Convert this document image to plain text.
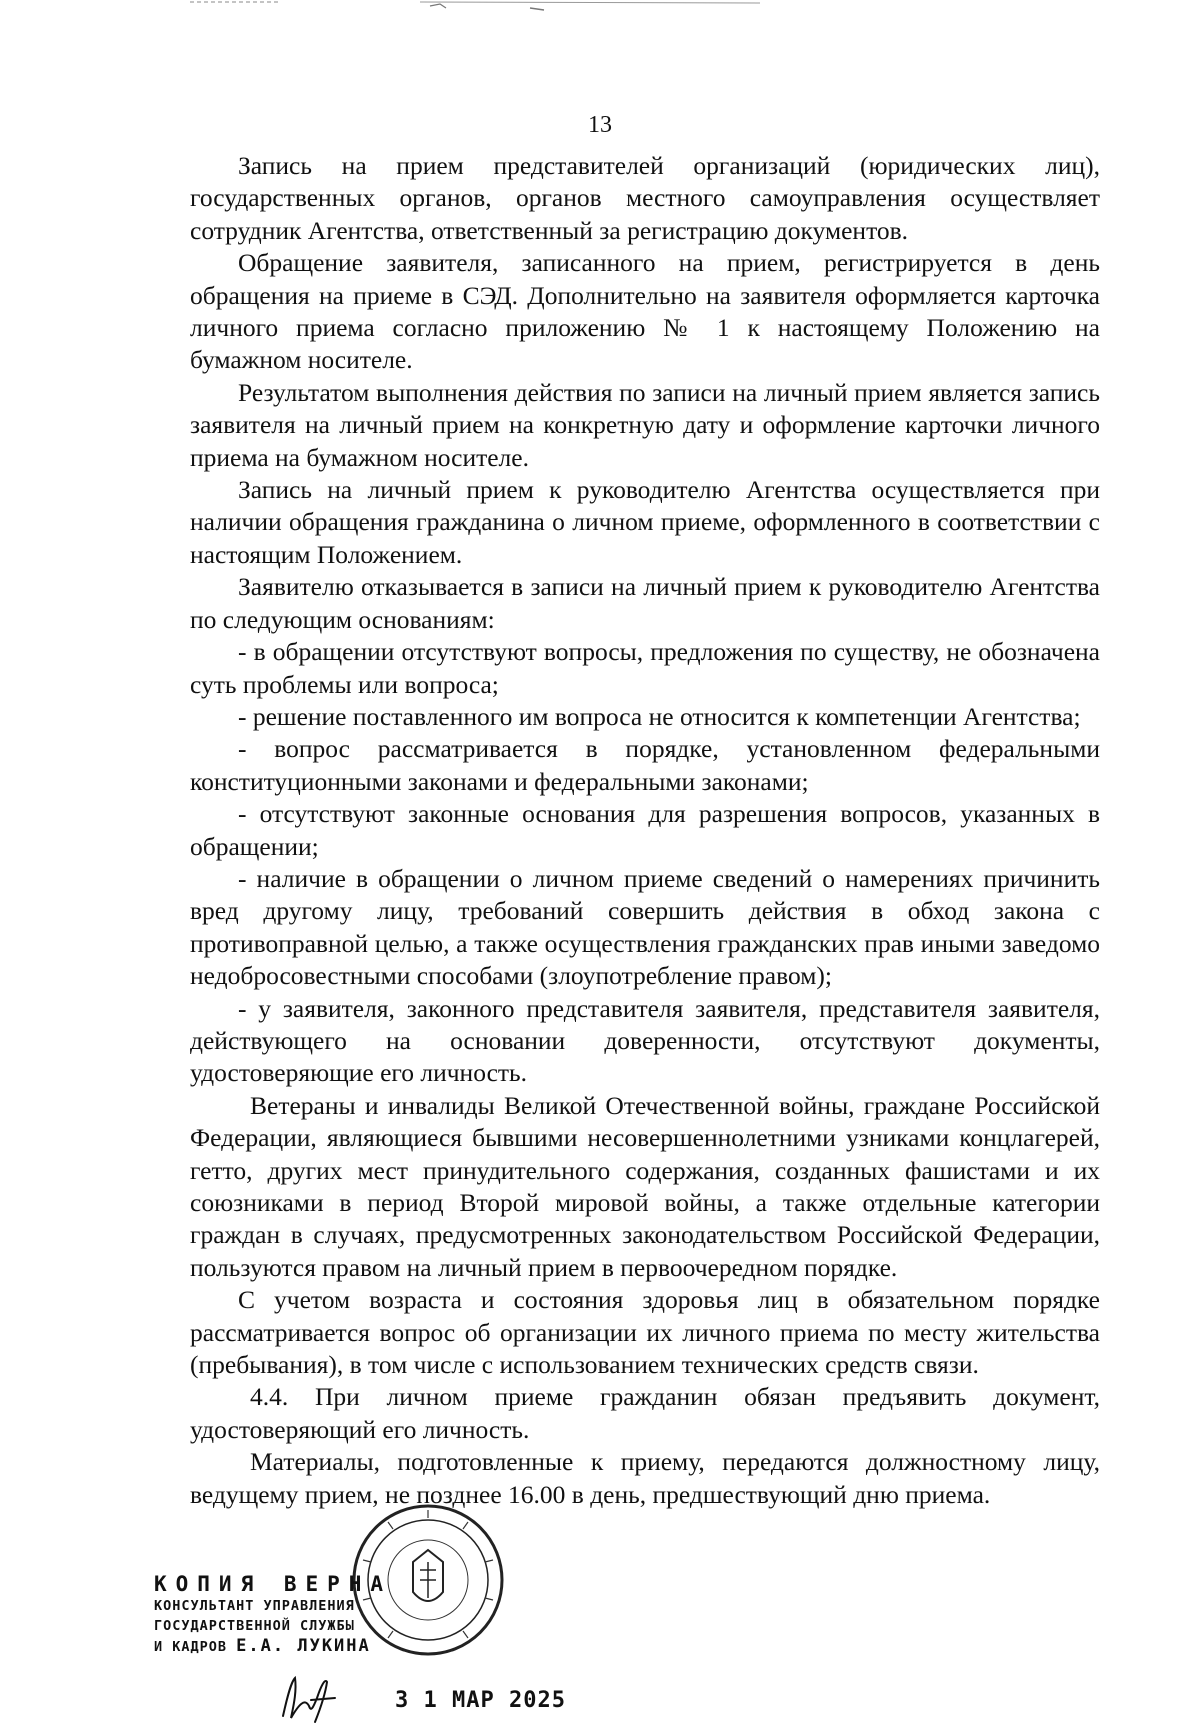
13

Запись на прием представителей организаций (юридических лиц), государственных органов, органов местного самоуправления осуществляет сотрудник Агентства, ответственный за регистрацию документов.

Обращение заявителя, записанного на прием, регистрируется в день обращения на приеме в СЭД. Дополнительно на заявителя оформляется карточка личного приема согласно приложению № 1 к настоящему Положению на бумажном носителе.

Результатом выполнения действия по записи на личный прием является запись заявителя на личный прием на конкретную дату и оформление карточки личного приема на бумажном носителе.

Запись на личный прием к руководителю Агентства осуществляется при наличии обращения гражданина о личном приеме, оформленного в соответствии с настоящим Положением.

Заявителю отказывается в записи на личный прием к руководителю Агентства по следующим основаниям:

- в обращении отсутствуют вопросы, предложения по существу, не обозначена суть проблемы или вопроса;

- решение поставленного им вопроса не относится к компетенции Агентства;

- вопрос рассматривается в порядке, установленном федеральными конституционными законами и федеральными законами;

- отсутствуют законные основания для разрешения вопросов, указанных в обращении;

- наличие в обращении о личном приеме сведений о намерениях причинить вред другому лицу, требований совершить действия в обход закона с противоправной целью, а также осуществления гражданских прав иными заведомо недобросовестными способами (злоупотребление правом);

- у заявителя, законного представителя заявителя, представителя заявителя, действующего на основании доверенности, отсутствуют документы, удостоверяющие его личность.

Ветераны и инвалиды Великой Отечественной войны, граждане Российской Федерации, являющиеся бывшими несовершеннолетними узниками концлагерей, гетто, других мест принудительного содержания, созданных фашистами и их союзниками в период Второй мировой войны, а также отдельные категории граждан в случаях, предусмотренных законодательством Российской Федерации, пользуются правом на личный прием в первоочередном порядке.

С учетом возраста и состояния здоровья лиц в обязательном порядке рассматривается вопрос об организации их личного приема по месту жительства (пребывания), в том числе с использованием технических средств связи.

4.4. При личном приеме гражданин обязан предъявить документ, удостоверяющий его личность.

Материалы, подготовленные к приему, передаются должностному лицу, ведущему прием, не позднее 16.00 в день, предшествующий дню приема.

КОПИЯ ВЕРНА
КОНСУЛЬТАНТ УПРАВЛЕНИЯ
ГОСУДАРСТВЕННОЙ СЛУЖБЫ
И КАДРОВ Е.А. ЛУКИНА
3 1 МАР 2025
